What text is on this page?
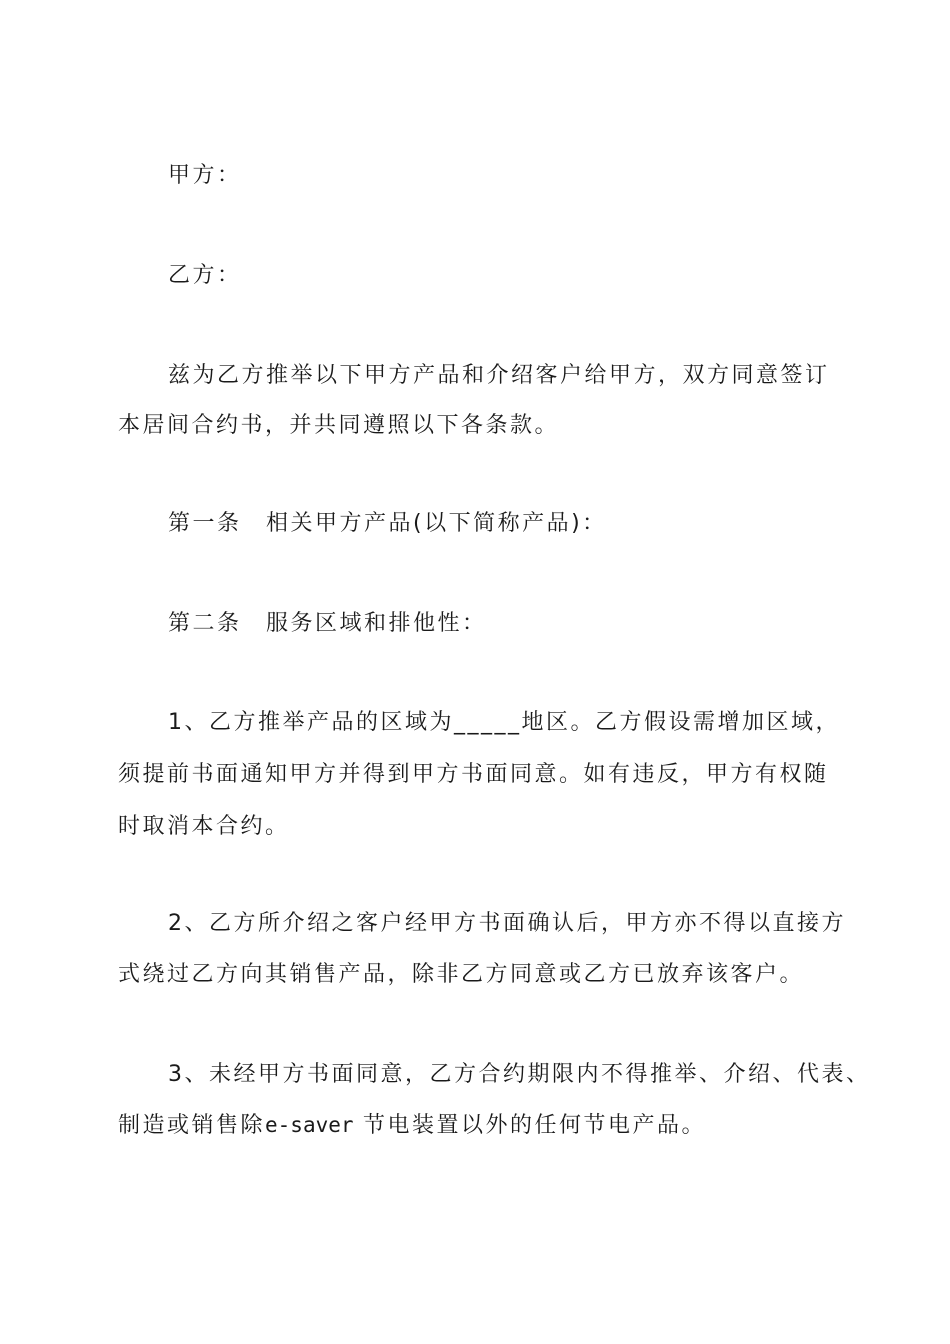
甲方：
乙方：
兹为乙方推举以下甲方产品和介绍客户给甲方，双方同意签订
本居间合约书，并共同遵照以下各条款。
第一条　相关甲方产品(以下简称产品)：
第二条　服务区域和排他性：
1、乙方推举产品的区域为_____地区。乙方假设需增加区域，
须提前书面通知甲方并得到甲方书面同意。如有违反，甲方有权随
时取消本合约。
2、乙方所介绍之客户经甲方书面确认后，甲方亦不得以直接方
式绕过乙方向其销售产品，除非乙方同意或乙方已放弃该客户。
3、未经甲方书面同意，乙方合约期限内不得推举、介绍、代表、
制造或销售除e-saver 节电装置以外的任何节电产品。
